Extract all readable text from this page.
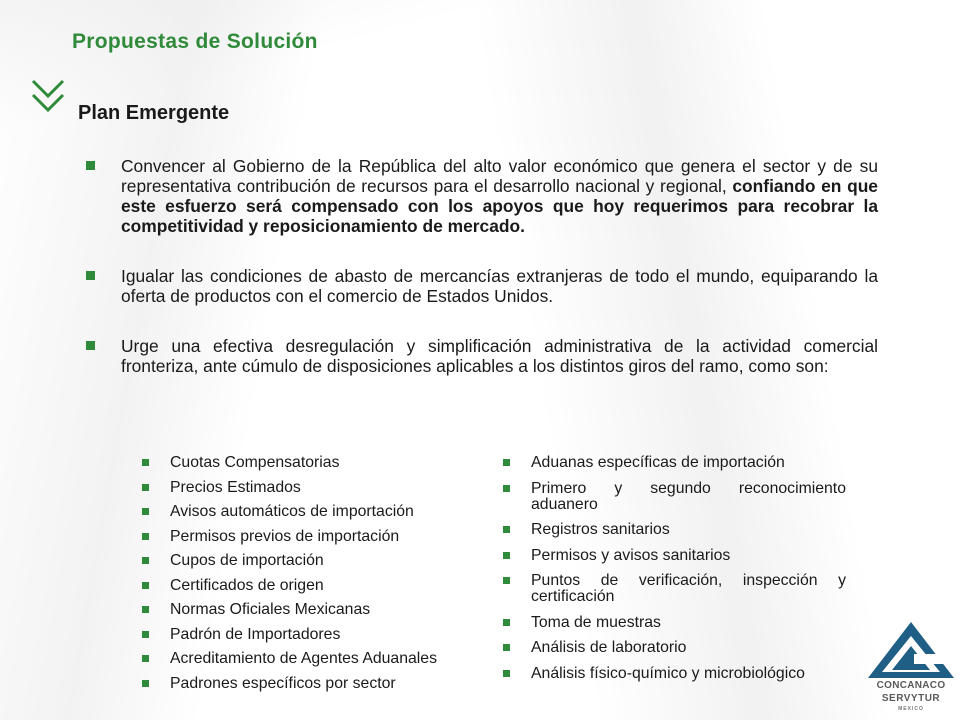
Propuestas de Solución
Plan Emergente
Convencer al Gobierno de la República del alto valor económico que genera el sector y de su representativa contribución de recursos para el desarrollo nacional y regional, confiando en que este esfuerzo será compensado con los apoyos que hoy requerimos para recobrar la competitividad y reposicionamiento de mercado.
Igualar las condiciones de abasto de mercancías extranjeras de todo el mundo, equiparando la oferta de productos con el comercio de Estados Unidos.
Urge una efectiva desregulación y simplificación administrativa de la actividad comercial fronteriza, ante cúmulo de disposiciones aplicables a los distintos giros del ramo, como son:
Cuotas Compensatorias
Precios Estimados
Avisos automáticos de importación
Permisos previos de importación
Cupos de importación
Certificados de origen
Normas Oficiales Mexicanas
Padrón de Importadores
Acreditamiento de Agentes Aduanales
Padrones específicos por sector
Aduanas específicas de importación
Primero y segundo reconocimiento aduanero
Registros sanitarios
Permisos y avisos sanitarios
Puntos de verificación, inspección y certificación
Toma de muestras
Análisis de laboratorio
Análisis físico-químico y microbiológico
CONCANACO
SERVYTUR
MEXICO
